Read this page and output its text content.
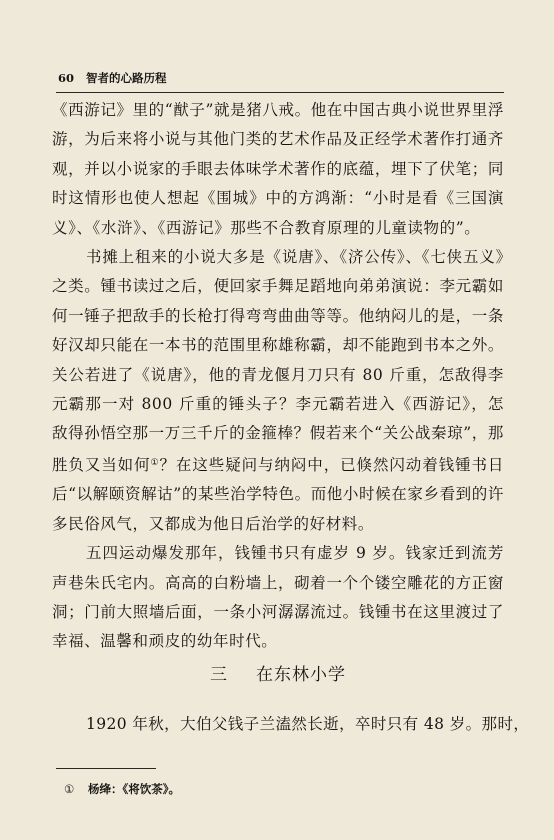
60 智者的心路历程

《西游记》里的“猷子”就是猪八戒。他在中国古典小说世界里浮游，为后来将小说与其他门类的艺术作品及正经学术著作打通齐观，并以小说家的手眼去体味学术著作的底蕴，埋下了伏笔；同时这情形也使人想起《围城》中的方鸿渐：“小时是看《三国演义》、《水浒》、《西游记》那些不合教育原理的儿童读物的”。

书摊上租来的小说大多是《说唐》、《济公传》、《七侠五义》之类。锺书读过之后，便回家手舞足蹈地向弟弟演说：李元霸如何一锤子把敌手的长枪打得弯弯曲曲等等。他纳闷儿的是，一条好汉却只能在一本书的范围里称雄称霸，却不能跑到书本之外。关公若进了《说唐》，他的青龙偃月刀只有 80 斤重，怎敌得李元霸那一对 800 斤重的锤头子？李元霸若进入《西游记》，怎敌得孙悟空那一万三千斤的金箍棒？假若来个“关公战秦琼”，那胜负又当如何①？在这些疑问与纳闷中，已倏然闪动着钱锺书日后“以解颐资解诂”的某些治学特色。而他小时候在家乡看到的许多民俗风气，又都成为他日后治学的好材料。

五四运动爆发那年，钱锺书只有虚岁 9 岁。钱家迁到流芳声巷朱氏宅内。高高的白粉墙上，砌着一个个镂空雕花的方正窗洞；门前大照墙后面，一条小河潺潺流过。钱锺书在这里渡过了幸福、温馨和顽皮的幼年时代。

三 在东林小学
1920 年秋，大伯父钱子兰溘然长逝，卒时只有 48 岁。那时，
① 杨绛：《将饮茶》。
